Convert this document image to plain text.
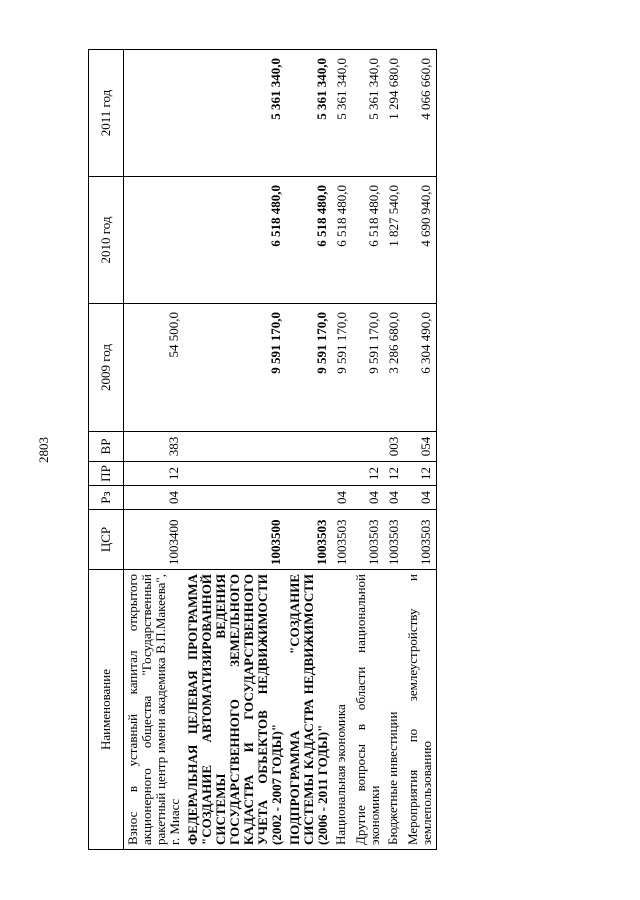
2803
Наименование	ЦСР	Рз	ПР	ВР	2009 год	2010 год	2011 год
Взнос в уставный капитал открытого акционерного общества "Государственный ракетный центр имени академика В.П.Макеева", г. Миасс	1003400	04	12	383	54 500,0		
ФЕДЕРАЛЬНАЯ ЦЕЛЕВАЯ ПРОГРАММА "СОЗДАНИЕ АВТОМАТИЗИРОВАННОЙ СИСТЕМЫ ВЕДЕНИЯ ГОСУДАРСТВЕННОГО ЗЕМЕЛЬНОГО КАДАСТРА И ГОСУДАРСТВЕННОГО УЧЕТА ОБЪЕКТОВ НЕДВИЖИМОСТИ (2002 - 2007 ГОДЫ)"	1003500				9 591 170,0	6 518 480,0	5 361 340,0
ПОДПРОГРАММА "СОЗДАНИЕ СИСТЕМЫ КАДАСТРА НЕДВИЖИМОСТИ (2006 - 2011 ГОДЫ)"	1003503				9 591 170,0	6 518 480,0	5 361 340,0
Национальная экономика	1003503	04			9 591 170,0	6 518 480,0	5 361 340,0
Другие вопросы в области национальной экономики	1003503	04	12		9 591 170,0	6 518 480,0	5 361 340,0
Бюджетные инвестиции	1003503	04	12	003	3 286 680,0	1 827 540,0	1 294 680,0
Мероприятия по землеустройству и землепользованию	1003503	04	12	054	6 304 490,0	4 690 940,0	4 066 660,0
